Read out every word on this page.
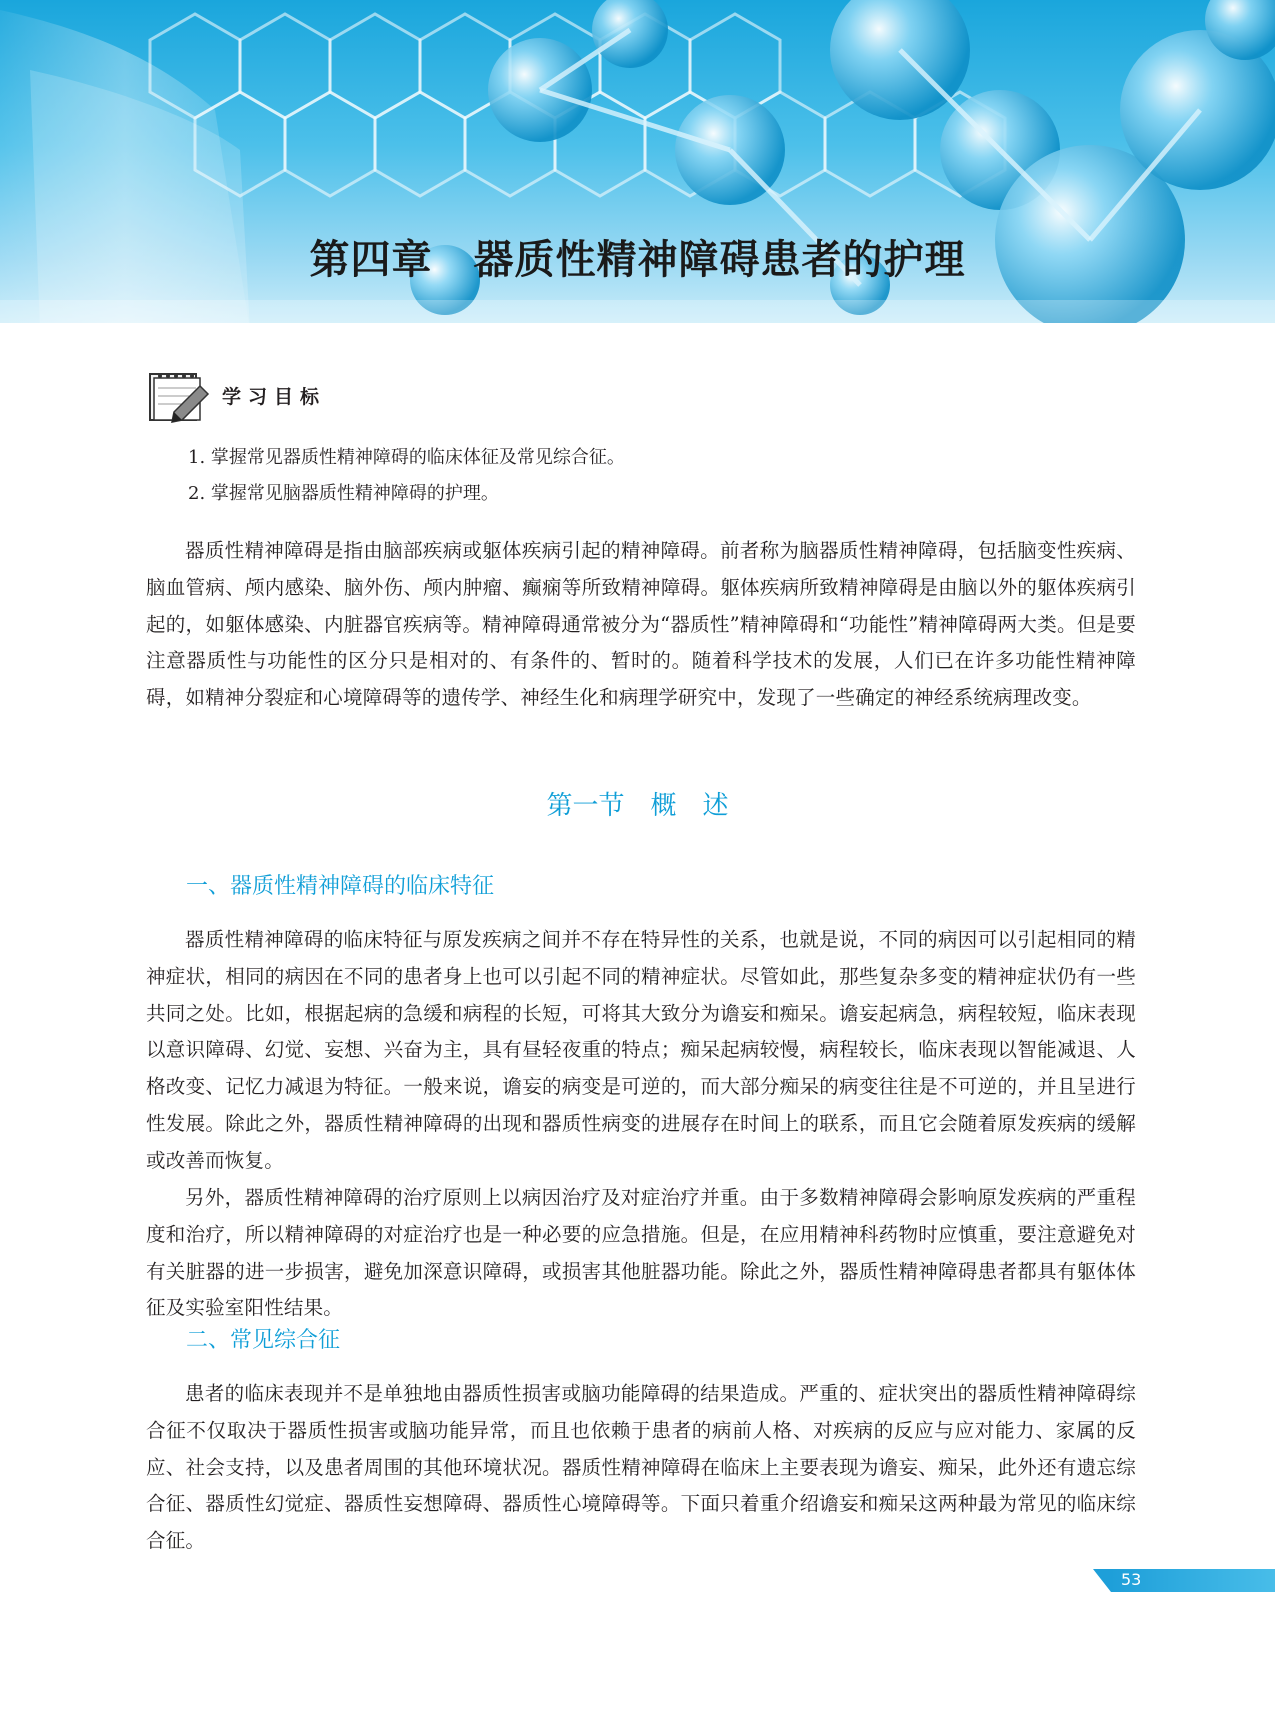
第四章　器质性精神障碍患者的护理
学习目标
1. 掌握常见器质性精神障碍的临床体征及常见综合征。
2. 掌握常见脑器质性精神障碍的护理。
器质性精神障碍是指由脑部疾病或躯体疾病引起的精神障碍。前者称为脑器质性精神障碍，包括脑变性疾病、脑血管病、颅内感染、脑外伤、颅内肿瘤、癫痫等所致精神障碍。躯体疾病所致精神障碍是由脑以外的躯体疾病引起的，如躯体感染、内脏器官疾病等。精神障碍通常被分为“器质性”精神障碍和“功能性”精神障碍两大类。但是要注意器质性与功能性的区分只是相对的、有条件的、暂时的。随着科学技术的发展，人们已在许多功能性精神障碍，如精神分裂症和心境障碍等的遗传学、神经生化和病理学研究中，发现了一些确定的神经系统病理改变。
第一节　概　述
一、器质性精神障碍的临床特征
器质性精神障碍的临床特征与原发疾病之间并不存在特异性的关系，也就是说，不同的病因可以引起相同的精神症状，相同的病因在不同的患者身上也可以引起不同的精神症状。尽管如此，那些复杂多变的精神症状仍有一些共同之处。比如，根据起病的急缓和病程的长短，可将其大致分为谵妄和痴呆。谵妄起病急，病程较短，临床表现以意识障碍、幻觉、妄想、兴奋为主，具有昼轻夜重的特点；痴呆起病较慢，病程较长，临床表现以智能减退、人格改变、记忆力减退为特征。一般来说，谵妄的病变是可逆的，而大部分痴呆的病变往往是不可逆的，并且呈进行性发展。除此之外，器质性精神障碍的出现和器质性病变的进展存在时间上的联系，而且它会随着原发疾病的缓解或改善而恢复。
另外，器质性精神障碍的治疗原则上以病因治疗及对症治疗并重。由于多数精神障碍会影响原发疾病的严重程度和治疗，所以精神障碍的对症治疗也是一种必要的应急措施。但是，在应用精神科药物时应慎重，要注意避免对有关脏器的进一步损害，避免加深意识障碍，或损害其他脏器功能。除此之外，器质性精神障碍患者都具有躯体体征及实验室阳性结果。
二、常见综合征
患者的临床表现并不是单独地由器质性损害或脑功能障碍的结果造成。严重的、症状突出的器质性精神障碍综合征不仅取决于器质性损害或脑功能异常，而且也依赖于患者的病前人格、对疾病的反应与应对能力、家属的反应、社会支持，以及患者周围的其他环境状况。器质性精神障碍在临床上主要表现为谵妄、痴呆，此外还有遗忘综合征、器质性幻觉症、器质性妄想障碍、器质性心境障碍等。下面只着重介绍谵妄和痴呆这两种最为常见的临床综合征。
53
